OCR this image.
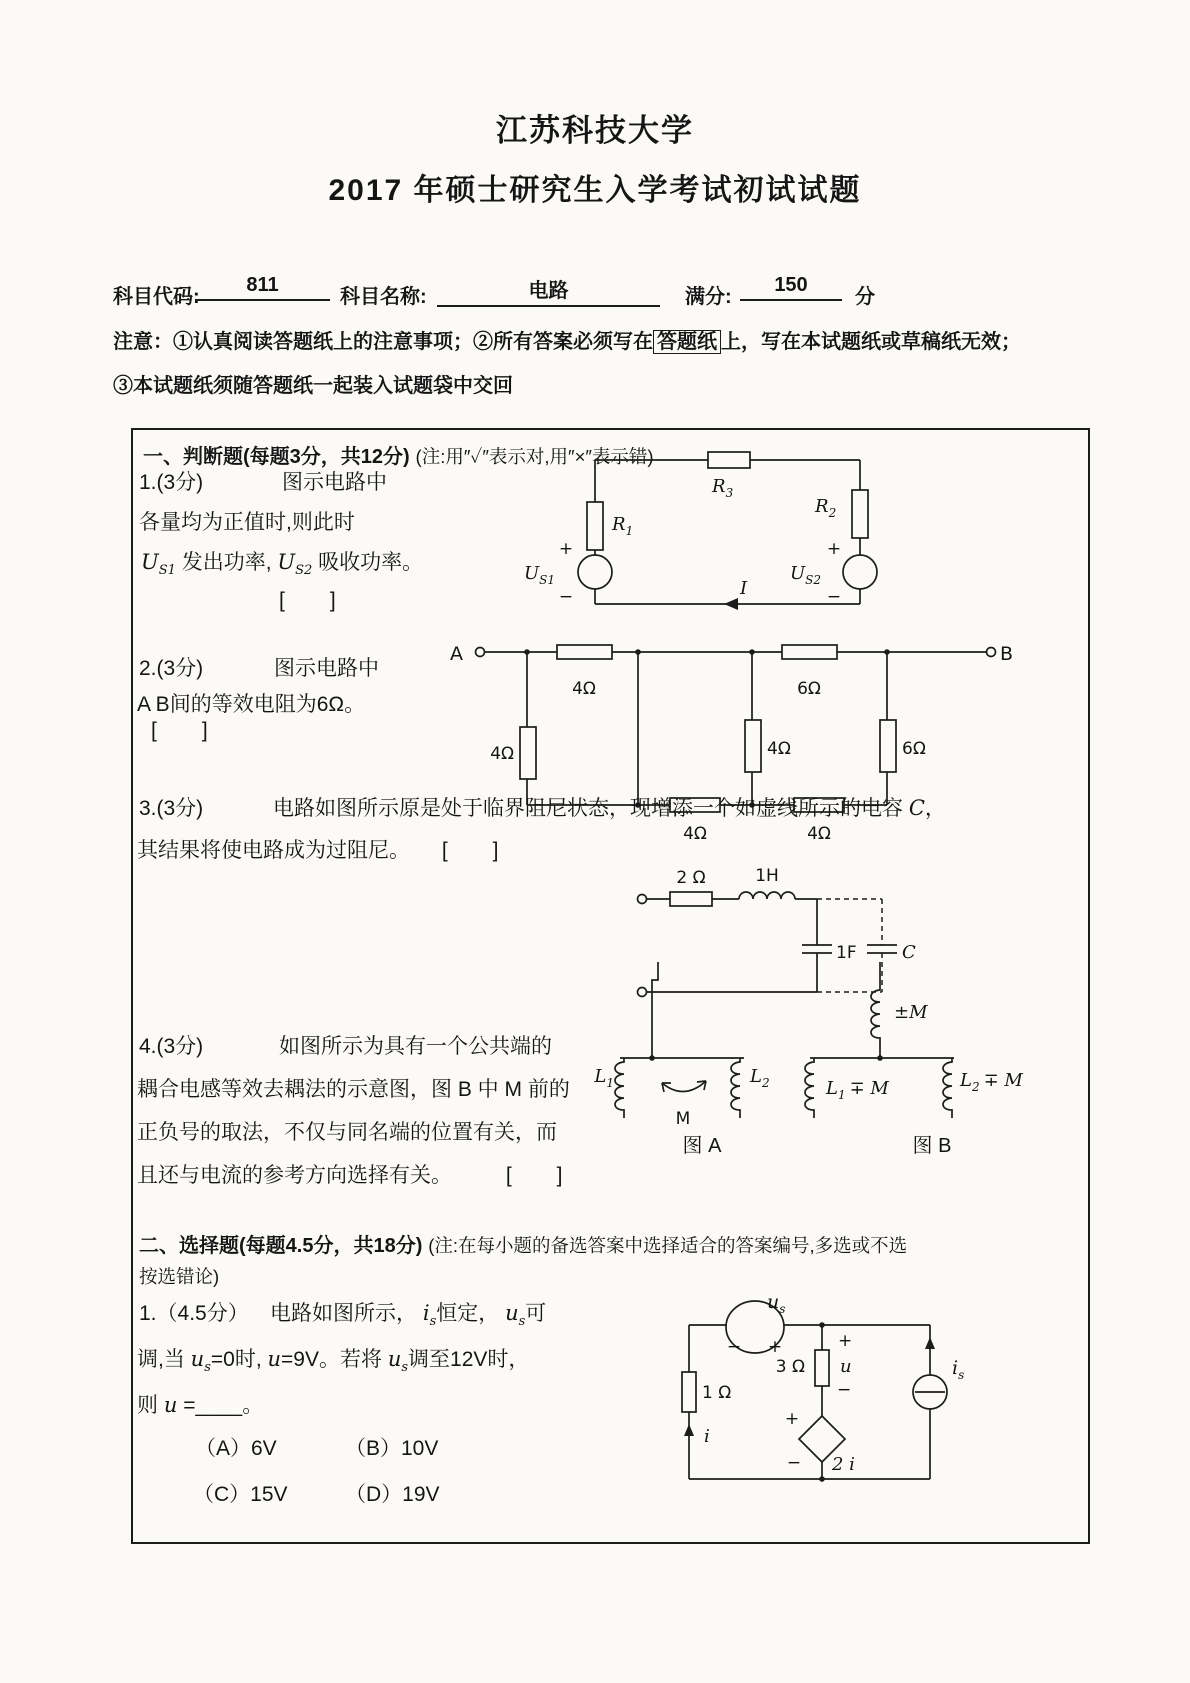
江苏科技大学
2017 年硕士研究生入学考试初试试题
科目代码:
811
科目名称:	电路	满分:
150
分
注意：①认真阅读答题纸上的注意事项；②所有答案必须写在 答题纸 上，写在本试题纸或草稿纸无效；
③本试题纸须随答题纸一起装入试题袋中交回
一、判断题(每题3分，共12分) (注:用″✓″表示对,用″×″表示错)
1.(3分)	图示电路中
各量均为正值时,则此时
$U_{S1}$ 发出功率, $U_{S2}$ 吸收功率。
[　　]
$R_3$
$R_1$
$R_2$
+
−
$U_{S1}$
+
−
$U_{S2}$
I
2.(3分)	图示电路中
A B间的等效电阻为6Ω。
[　　]
A	B
4Ω	6Ω
4Ω	4Ω	6Ω
4Ω	4Ω
3.(3分)	电路如图所示原是处于临界阻尼状态，现增添一个如虚线所示的电容 C，
其结果将使电路成为过阻尼。 [　　]
2 Ω	1H
1F	C
4.(3分)	如图所示为具有一个公共端的
耦合电感等效去耦法的示意图，图 B 中 M 前的
正负号的取法，不仅与同名端的位置有关，而
且还与电流的参考方向选择有关。	[　　]
$L_1$	$L_2$
M
图 A
±M
$L_1 \mp M$	$L_2 \mp M$
图 B
二、选择题(每题4.5分，共18分) (注:在每小题的备选答案中选择适合的答案编号,多选或不选
按选错论)
1.（4.5分） 电路如图所示， $i_s$恒定， $u_s$可
调,当 $u_s=0$时, u=9V。若将 $u_s$调至12V时，
则 u =____。
（A）6V	（B）10V
（C）15V	（D）19V
$u_s$
− +
1 Ω
i
3 Ω
+
u
−
+
− 2 i
$i_s$
